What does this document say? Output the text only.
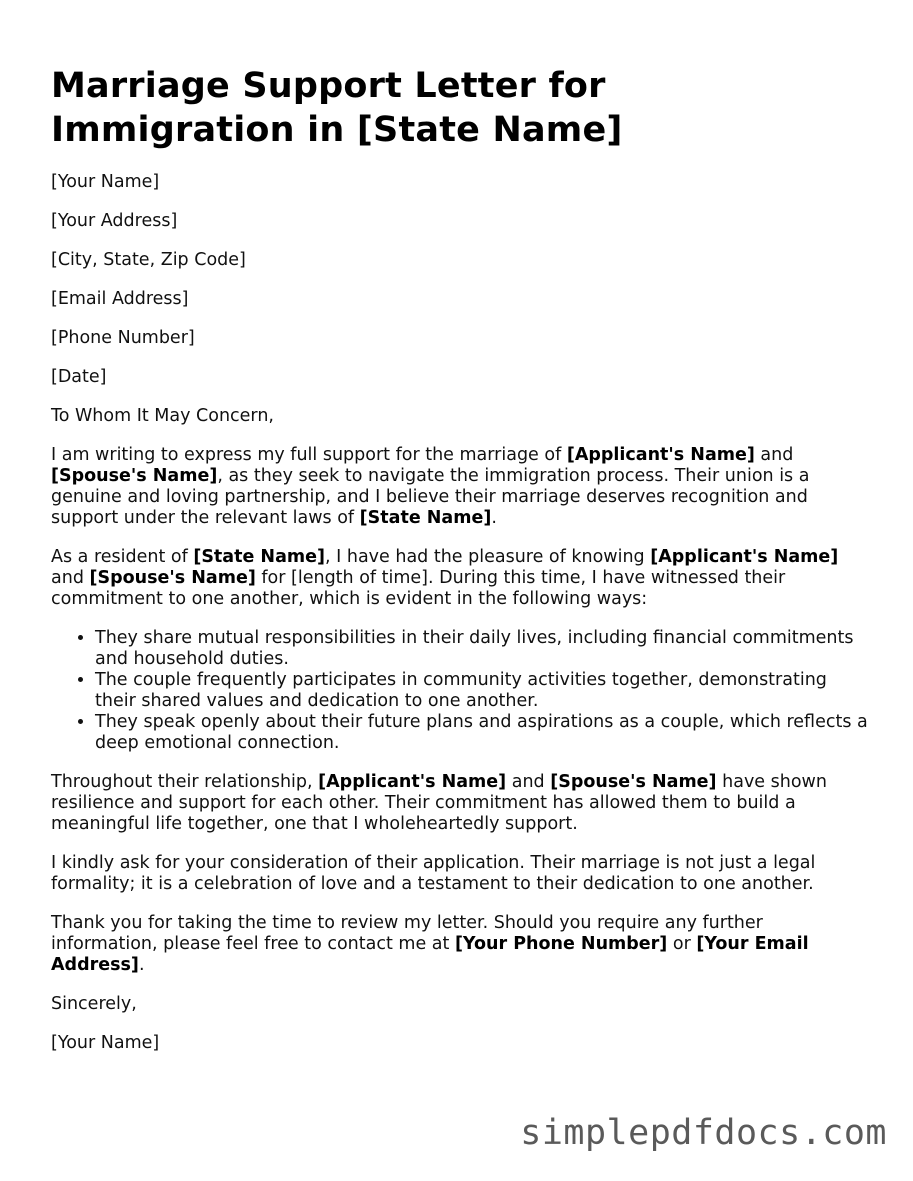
Marriage Support Letter for
Immigration in [State Name]
[Your Name]
[Your Address]
[City, State, Zip Code]
[Email Address]
[Phone Number]
[Date]
To Whom It May Concern,

I am writing to express my full support for the marriage of [Applicant's Name] and [Spouse's Name], as they seek to navigate the immigration process. Their union is a genuine and loving partnership, and I believe their marriage deserves recognition and support under the relevant laws of [State Name].

As a resident of [State Name], I have had the pleasure of knowing [Applicant's Name] and [Spouse's Name] for [length of time]. During this time, I have witnessed their commitment to one another, which is evident in the following ways:

• They share mutual responsibilities in their daily lives, including financial commitments and household duties.
• The couple frequently participates in community activities together, demonstrating their shared values and dedication to one another.
• They speak openly about their future plans and aspirations as a couple, which reflects a deep emotional connection.

Throughout their relationship, [Applicant's Name] and [Spouse's Name] have shown resilience and support for each other. Their commitment has allowed them to build a meaningful life together, one that I wholeheartedly support.

I kindly ask for your consideration of their application. Their marriage is not just a legal formality; it is a celebration of love and a testament to their dedication to one another.

Thank you for taking the time to review my letter. Should you require any further information, please feel free to contact me at [Your Phone Number] or [Your Email Address].

Sincerely,
[Your Name]
simplepdfdocs.com
